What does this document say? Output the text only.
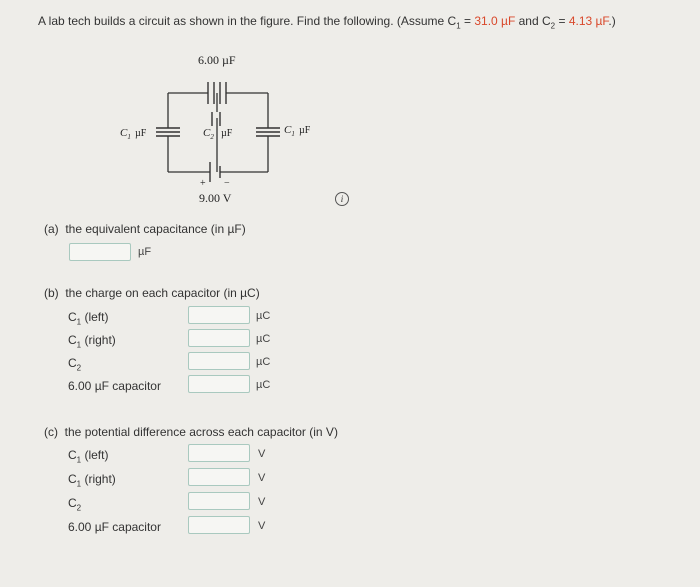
A lab tech builds a circuit as shown in the figure. Find the following. (Assume $C_1 = 31.0$ µF and $C_2 = 4.13$ µF.)
6.00 µF
$C_1$ µF	$C_2$ µF	$C_1$ µF
+ −
9.00 V	i
(a) the equivalent capacitance (in µF)
µF
(b) the charge on each capacitor (in µC)
$C_1$ (left)	µC
$C_1$ (right)	µC
$C_2$	µC
6.00 µF capacitor	µC
(c) the potential difference across each capacitor (in V)
$C_1$ (left)	V
$C_1$ (right)	V
$C_2$	V
6.00 µF capacitor	V
